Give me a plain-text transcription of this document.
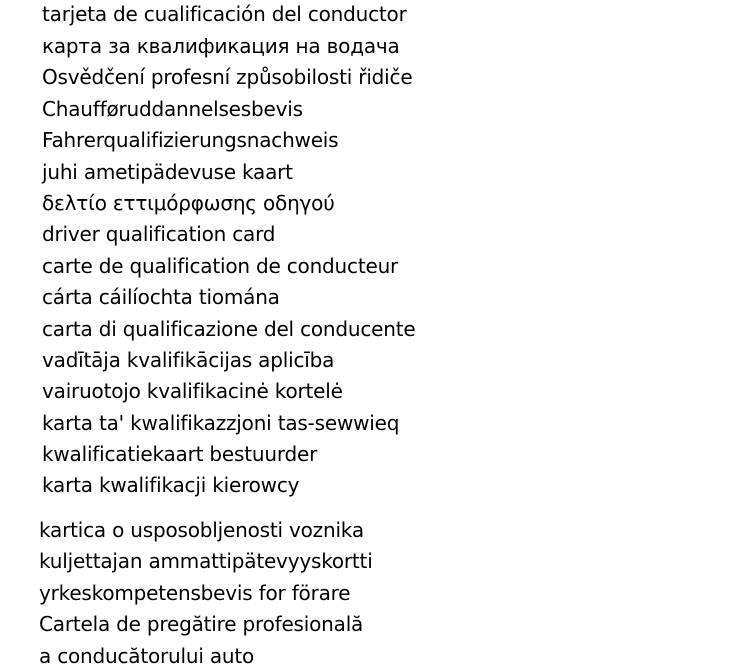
tarjeta de cualificación del conductor
карта за квалификация на водача
Osvědčení profesní způsobilosti řidiče
Chaufføruddannelsesbevis
Fahrerqualifizierungsnachweis
juhi ametipädevuse kaart
δελτίο εττιμόρφωσης οδηγού
driver qualification card
carte de qualification de conducteur
cárta cáilíochta tiomána
carta di qualificazione del conducente
vadītāja kvalifikācijas aplicība
vairuotojo kvalifikacinė kortelė
karta ta' kwalifikazzjoni tas-sewwieq
kwalificatiekaart bestuurder
karta kwalifikacji kierowcy
kartica o usposobljenosti voznika
kuljettajan ammattipätevyyskortti
yrkeskompetensbevis for förare
Cartela de pregătire profesională
a conducătorului auto
